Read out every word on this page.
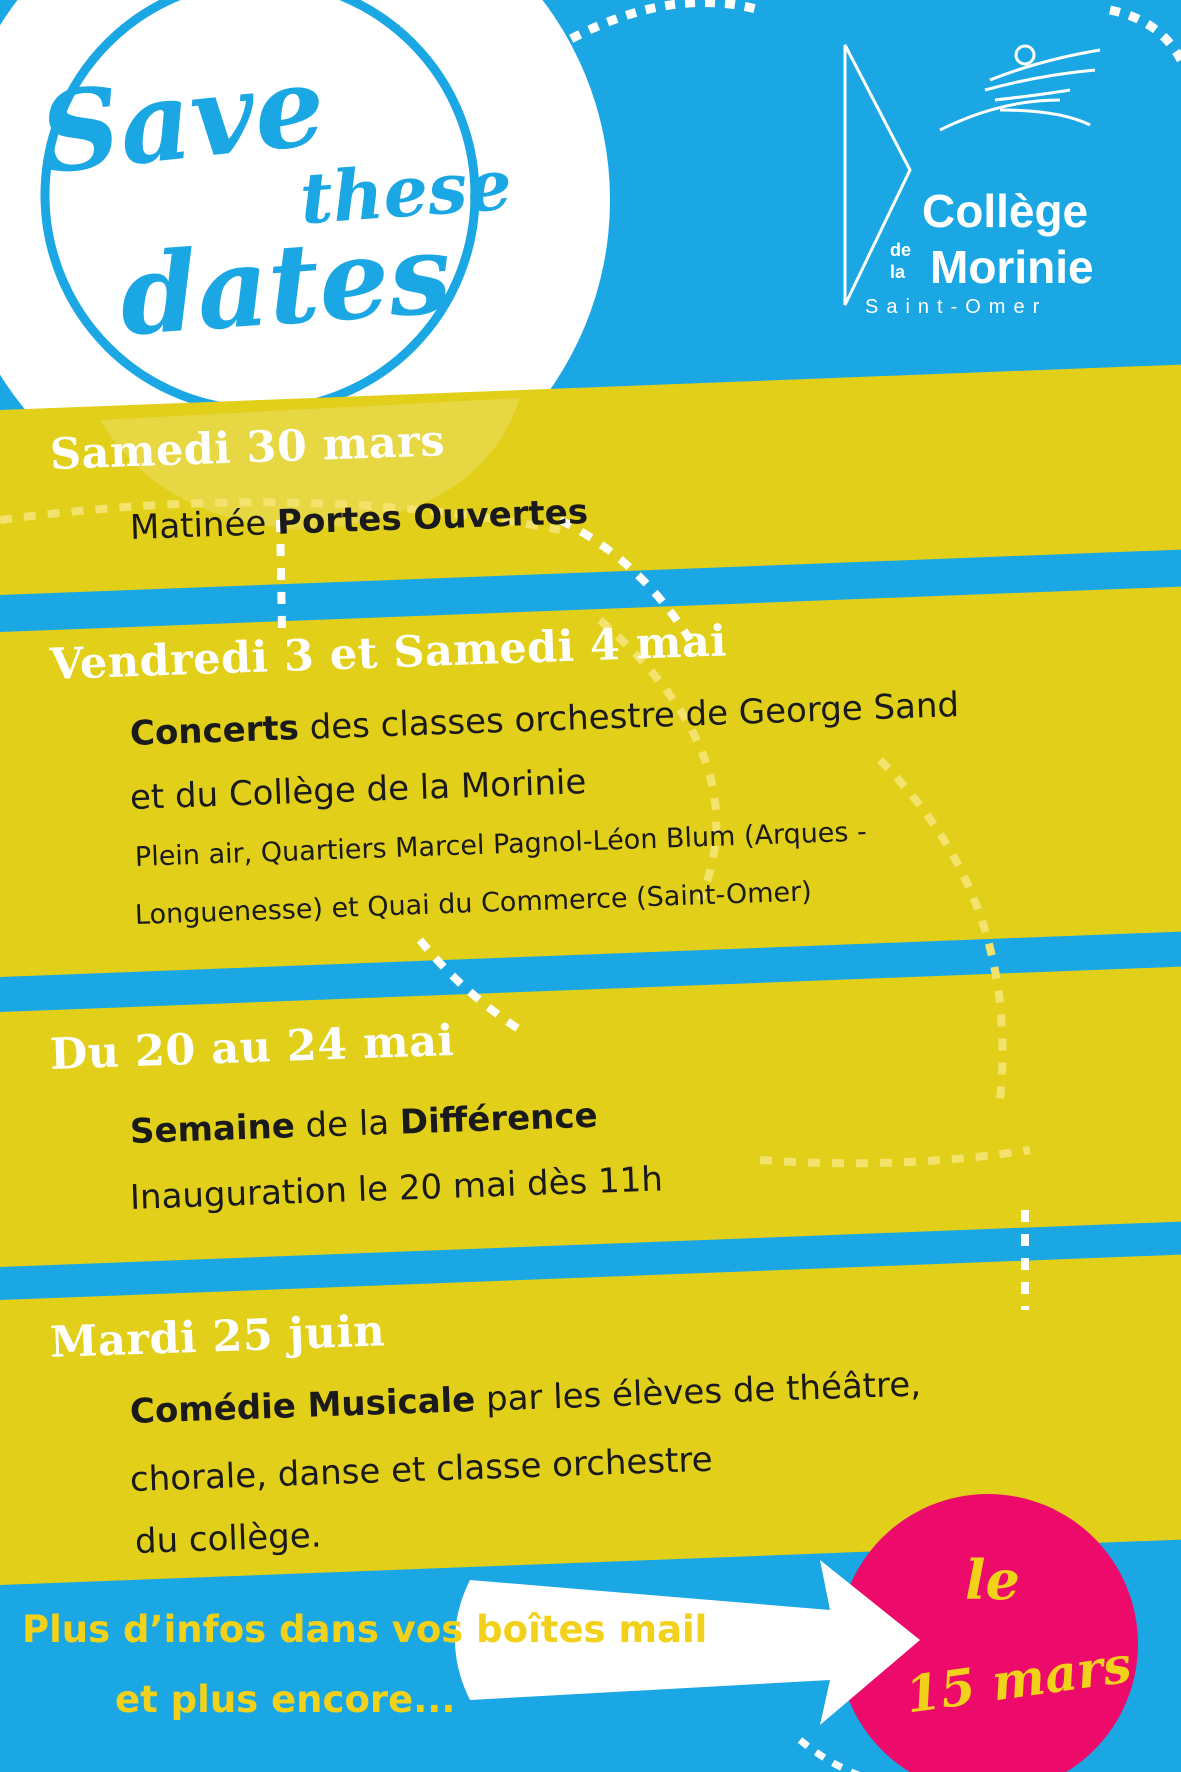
Save
these
dates	Collège
de
la Morinie
Saint-Omer
Samedi 30 mars
Matinée Portes Ouvertes
Vendredi 3 et Samedi 4 mai
Concerts des classes orchestre de George Sand
et du Collège de la Morinie
Plein air, Quartiers Marcel Pagnol-Léon Blum (Arques -
Longuenesse) et Quai du Commerce (Saint-Omer)
Du 20 au 24 mai
Semaine de la Différence
Inauguration le 20 mai dès 11h
Mardi 25 juin
Comédie Musicale par les élèves de théâtre,
chorale, danse et classe orchestre
du collège.
Plus d’infos dans vos boîtes mail
et plus encore...
le
15 mars
